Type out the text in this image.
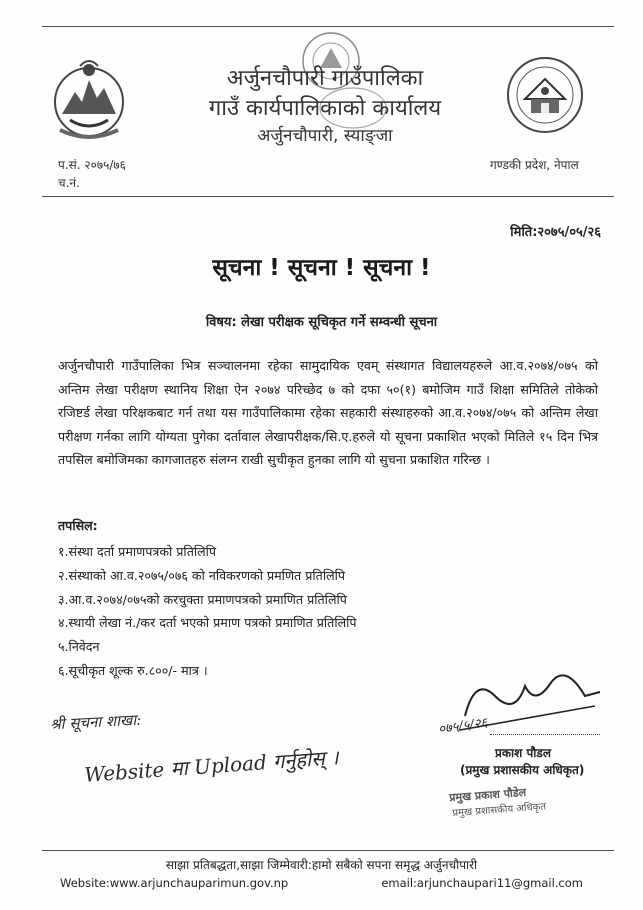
अर्जुनचौपारी गाउँपालिका
गाउँ कार्यपालिकाको कार्यालय
अर्जुनचौपारी, स्याङ्जा
प.सं. २०७५/७६
च.नं.
गण्डकी प्रदेश, नेपाल
मिति:२०७५/०५/२६
सूचना ! सूचना ! सूचना !
विषय: लेखा परीक्षक सूचिकृत गर्ने सम्वन्धी सूचना
अर्जुनचौपारी गाउँपालिका भित्र सञ्चालनमा रहेका सामुदायिक एवम् संस्थागत विद्यालयहरुले आ.व.२०७४/०७५ को अन्तिम लेखा परीक्षण स्थानिय शिक्षा ऐन २०७४ परिच्छेद ७ को दफा ५०(१) बमोजिम गाउँ शिक्षा समितिले तोकेको रजिष्टर्ड लेखा परिक्षकबाट गर्न तथा यस गाउँपालिकामा रहेका सहकारी संस्थाहरुको आ.व.२०७४/०७५ को अन्तिम लेखा परीक्षण गर्नका लागि योग्यता पुगेका दर्तावाल लेखापरीक्षक/सि.ए.हरुले यो सूचना प्रकाशित भएको मितिले १५ दिन भित्र तपसिल बमोजिमका कागजातहरु संलग्न राखी सुचीकृत हुनका लागि यो सुचना प्रकाशित गरिन्छ ।
तपसिल:
१.संस्था दर्ता प्रमाणपत्रको प्रतिलिपि
२.संस्थाको आ.व.२०७५/०७६ को नविकरणको प्रमणित प्रतिलिपि
३.आ.व.२०७४/०७५को करचुक्ता प्रमाणपत्रको प्रमाणित प्रतिलिपि
४.स्थायी लेखा नं./कर दर्ता भएको प्रमाण पत्रको प्रमाणित प्रतिलिपि
५.निवेदन
६.सूचीकृत शूल्क रु.८००/- मात्र ।
श्री सूचना शाखा:
Website मा Upload गर्नुहोस् ।
०७५/५/२६
प्रकाश पौडल
(प्रमुख प्रशासकीय अधिकृत)
प्रमुख प्रकाश पौडेल
प्रमुख प्रशासकीय अधिकृत
साझा प्रतिबद्धता,साझा जिम्मेवारी:हामो सबैको सपना समृद्ध अर्जुनचौपारी
Website:www.arjunchauparimun.gov.np	email:arjunchaupari11@gmail.com
